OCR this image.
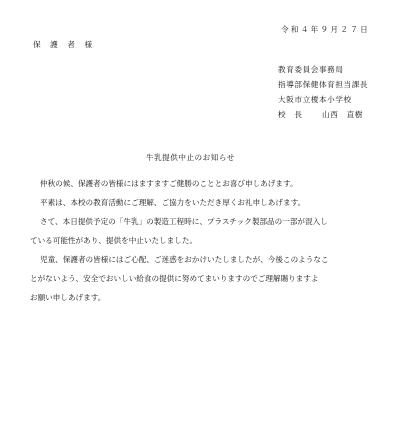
令和４年９月２７日
保　護　者　様
教育委員会事務局
指導部保健体育担当課長
大阪市立榎本小学校
校　長	山西　直樹
牛乳提供中止のお知らせ
仲秋の候、保護者の皆様にはますますご健勝のこととお喜び申しあげます。
平素は、本校の教育活動にご理解、ご協力をいただき厚くお礼申しあげます。
さて、本日提供予定の「牛乳」の製造工程時に、プラスチック製部品の一部が混入し
ている可能性があり、提供を中止いたしました。
児童、保護者の皆様にはご心配、ご迷惑をおかけいたしましたが、今後このようなこ
とがないよう、安全でおいしい給食の提供に努めてまいりますのでご理解賜りますよ
お願い申しあげます。
